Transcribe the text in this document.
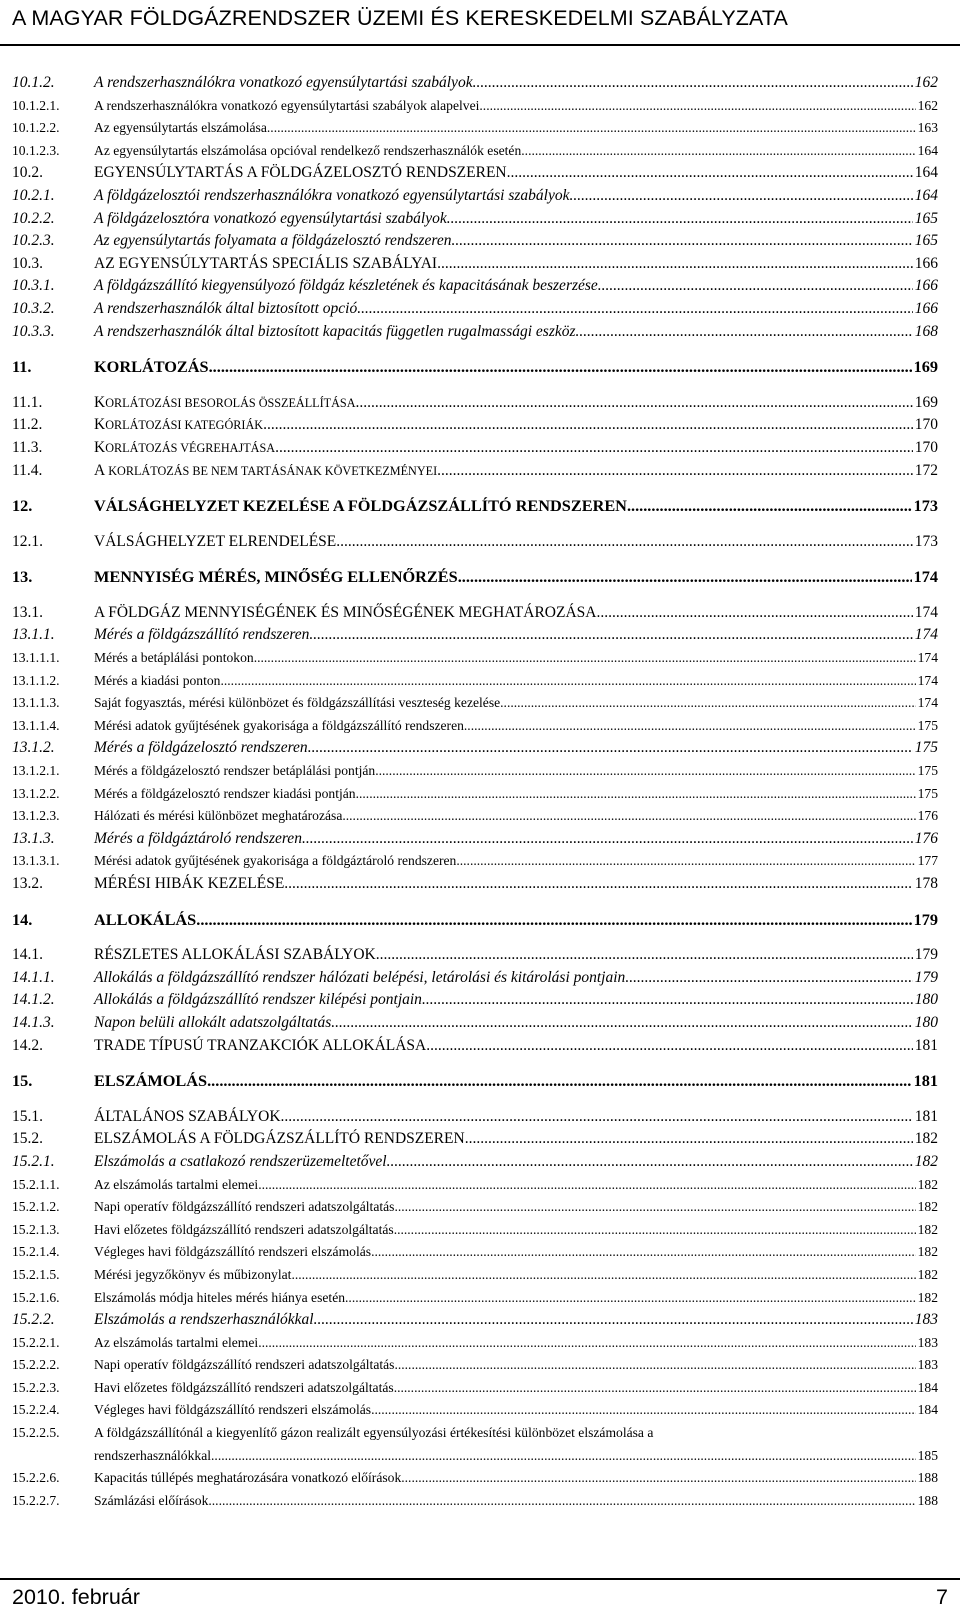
A MAGYAR FÖLDGÁZRENDSZER ÜZEMI ÉS KERESKEDELMI SZABÁLYZATA
10.1.2.	A rendszerhasználókra vonatkozó egyensúlytartási szabályok .....	162
10.1.2.1.	A rendszerhasználókra vonatkozó egyensúlytartási szabályok alapelvei .....	162
10.1.2.2.	Az egyensúlytartás elszámolása .....	163
10.1.2.3.	Az egyensúlytartás elszámolása opcióval rendelkező rendszerhasználók esetén .....	164
10.2.	EGYENSÚLYTARTÁS A FÖLDGÁZELOSZTÓ RENDSZEREN .....	164
10.2.1.	A földgázelosztói rendszerhasználókra vonatkozó egyensúlytartási szabályok .....	164
10.2.2.	A földgázelosztóra vonatkozó egyensúlytartási szabályok .....	165
10.2.3.	Az egyensúlytartás folyamata a földgázelosztó rendszeren .....	165
10.3.	AZ EGYENSÚLYTARTÁS SPECIÁLIS SZABÁLYAI .....	166
10.3.1.	A földgázszállító kiegyensúlyozó földgáz készletének és kapacitásának beszerzése .....	166
10.3.2.	A rendszerhasználók által biztosított opció .....	166
10.3.3.	A rendszerhasználók által biztosított kapacitás független rugalmassági eszköz .....	168
11.	KORLÁTOZÁS .....	169
11.1.	KORLÁTOZÁSI BESOROLÁS ÖSSZEÁLLÍTÁSA .....	169
11.2.	KORLÁTOZÁSI KATEGÓRIÁK .....	170
11.3.	KORLÁTOZÁS VÉGREHAJTÁSA .....	170
11.4.	A KORLÁTOZÁS BE NEM TARTÁSÁNAK KÖVETKEZMÉNYEI .....	172
12.	VÁLSÁGHELYZET KEZELÉSE A FÖLDGÁZSZÁLLÍTÓ RENDSZEREN .....	173
12.1.	VÁLSÁGHELYZET ELRENDELÉSE .....	173
13.	MENNYISÉG MÉRÉS, MINŐSÉG ELLENŐRZÉS .....	174
13.1.	A FÖLDGÁZ MENNYISÉGÉNEK ÉS MINŐSÉGÉNEK MEGHATÁROZÁSA .....	174
13.1.1.	Mérés a földgázszállító rendszeren .....	174
13.1.1.1.	Mérés a betáplálási pontokon .....	174
13.1.1.2.	Mérés a kiadási ponton .....	174
13.1.1.3.	Saját fogyasztás, mérési különbözet és földgázszállítási veszteség kezelése .....	174
13.1.1.4.	Mérési adatok gyűjtésének gyakorisága a földgázszállító rendszeren .....	175
13.1.2.	Mérés a földgázelosztó rendszeren .....	175
13.1.2.1.	Mérés a földgázelosztó rendszer betáplálási pontján .....	175
13.1.2.2.	Mérés a földgázelosztó rendszer kiadási pontján .....	175
13.1.2.3.	Hálózati és mérési különbözet meghatározása .....	176
13.1.3.	Mérés a földgáztároló rendszeren .....	176
13.1.3.1.	Mérési adatok gyűjtésének gyakorisága a földgáztároló rendszeren .....	177
13.2.	MÉRÉSI HIBÁK KEZELÉSE .....	178
14.	ALLOKÁLÁS .....	179
14.1.	RÉSZLETES ALLOKÁLÁSI SZABÁLYOK .....	179
14.1.1.	Allokálás a földgázszállító rendszer hálózati belépési, letárolási és kitárolási pontjain .....	179
14.1.2.	Allokálás a földgázszállító rendszer kilépési pontjain .....	180
14.1.3.	Napon belüli allokált adatszolgáltatás .....	180
14.2.	TRADE TÍPUSÚ TRANZAKCIÓK ALLOKÁLÁSA .....	181
15.	ELSZÁMOLÁS .....	181
15.1.	ÁLTALÁNOS SZABÁLYOK .....	181
15.2.	ELSZÁMOLÁS A FÖLDGÁZSZÁLLÍTÓ RENDSZEREN .....	182
15.2.1.	Elszámolás a csatlakozó rendszerüzemeltetővel .....	182
15.2.1.1.	Az elszámolás tartalmi elemei .....	182
15.2.1.2.	Napi operatív földgázszállító rendszeri adatszolgáltatás .....	182
15.2.1.3.	Havi előzetes földgázszállító rendszeri adatszolgáltatás .....	182
15.2.1.4.	Végleges havi földgázszállító rendszeri elszámolás .....	182
15.2.1.5.	Mérési jegyzőkönyv és műbizonylat .....	182
15.2.1.6.	Elszámolás módja hiteles mérés hiánya esetén .....	182
15.2.2.	Elszámolás a rendszerhasználókkal .....	183
15.2.2.1.	Az elszámolás tartalmi elemei .....	183
15.2.2.2.	Napi operatív földgázszállító rendszeri adatszolgáltatás .....	183
15.2.2.3.	Havi előzetes földgázszállító rendszeri adatszolgáltatás .....	184
15.2.2.4.	Végleges havi földgázszállító rendszeri elszámolás .....	184
15.2.2.5.	A földgázszállítónál a kiegyenlítő gázon realizált egyensúlyozási értékesítési különbözet elszámolása a
rendszerhasználókkal .....	185
15.2.2.6.	Kapacitás túllépés meghatározására vonatkozó előírások .....	188
15.2.2.7.	Számlázási előírások .....	188
2010. február	7
